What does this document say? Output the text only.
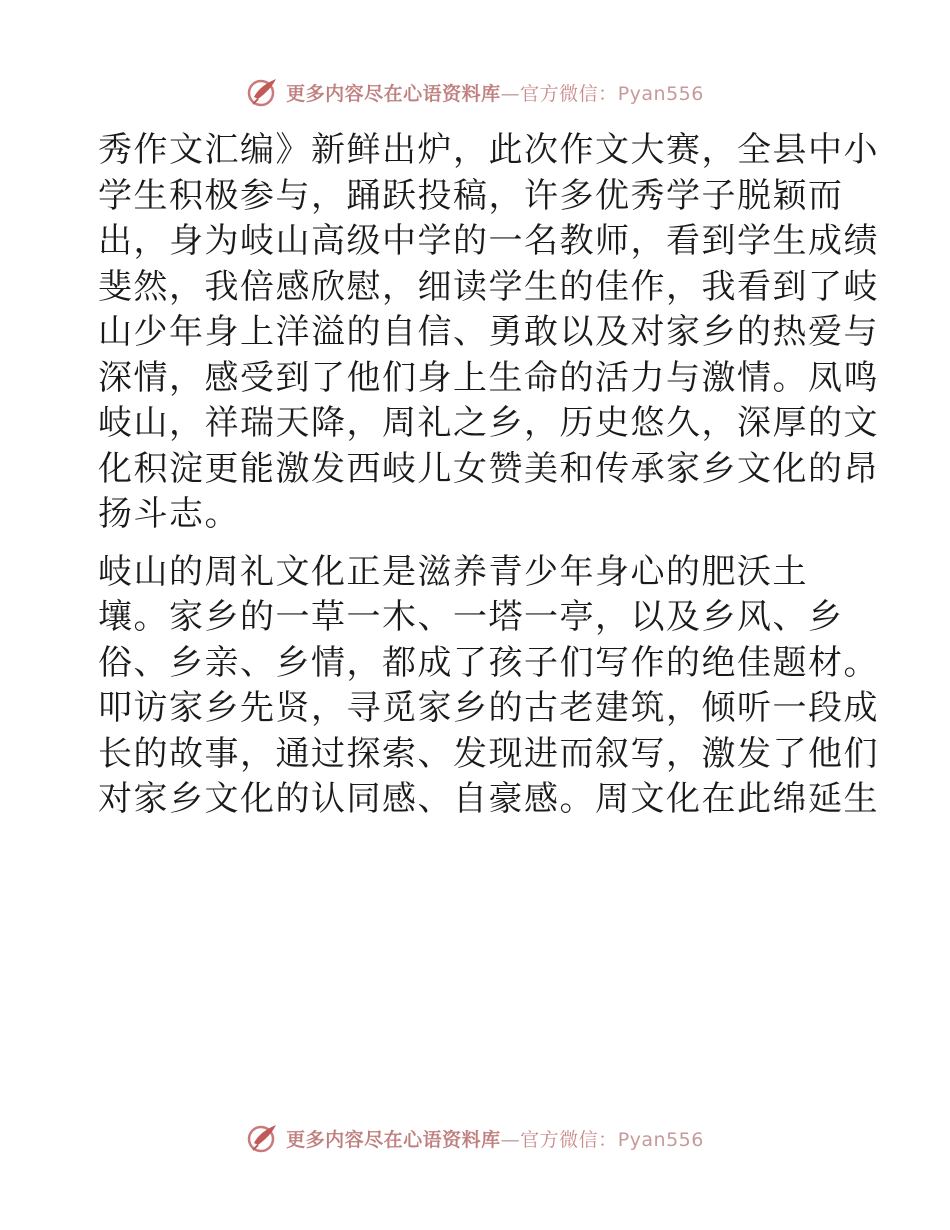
更多内容尽在心语资料库—官方微信：Pyan556

秀作文汇编》新鲜出炉，此次作文大赛，全县中小
学生积极参与，踊跃投稿，许多优秀学子脱颖而
出，身为岐山高级中学的一名教师，看到学生成绩
斐然，我倍感欣慰，细读学生的佳作，我看到了岐
山少年身上洋溢的自信、勇敢以及对家乡的热爱与
深情，感受到了他们身上生命的活力与激情。凤鸣
岐山，祥瑞天降，周礼之乡，历史悠久，深厚的文
化积淀更能激发西岐儿女赞美和传承家乡文化的昂
扬斗志。

岐山的周礼文化正是滋养青少年身心的肥沃土
壤。家乡的一草一木、一塔一亭，以及乡风、乡
俗、乡亲、乡情，都成了孩子们写作的绝佳题材。
叩访家乡先贤，寻觅家乡的古老建筑，倾听一段成
长的故事，通过探索、发现进而叙写，激发了他们
对家乡文化的认同感、自豪感。周文化在此绵延生

更多内容尽在心语资料库—官方微信：Pyan556
